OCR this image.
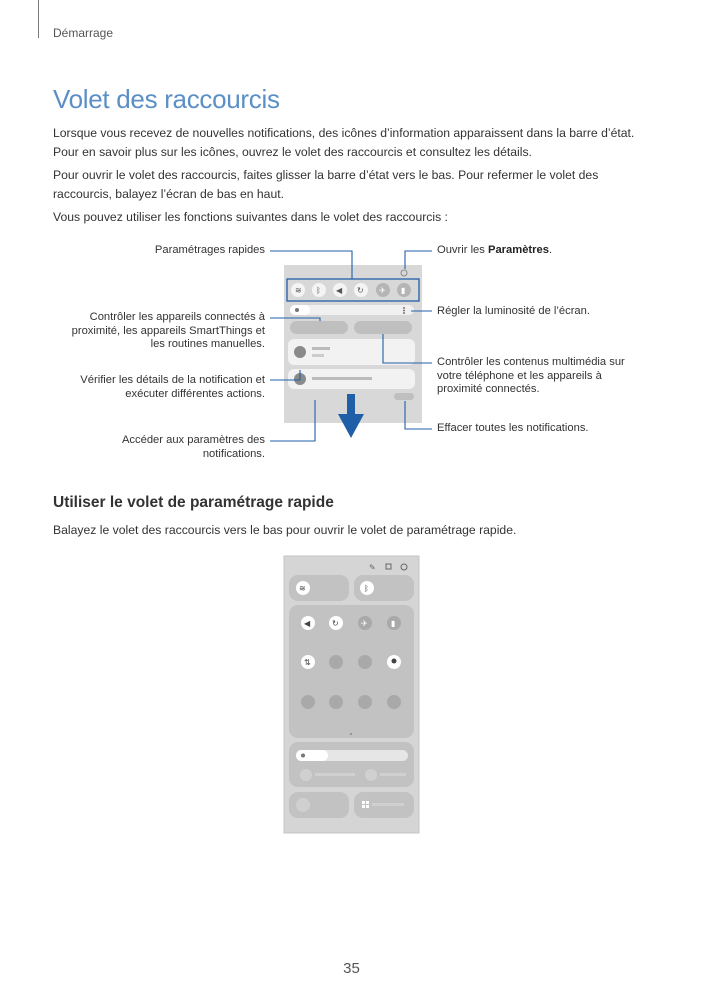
Démarrage
Volet des raccourcis

Lorsque vous recevez de nouvelles notifications, des icônes d’information apparaissent dans la barre d’état. Pour en savoir plus sur les icônes, ouvrez le volet des raccourcis et consultez les détails.

Pour ouvrir le volet des raccourcis, faites glisser la barre d’état vers le bas. Pour refermer le volet des raccourcis, balayez l’écran de bas en haut.

Vous pouvez utiliser les fonctions suivantes dans le volet des raccourcis :

≋ ᛒ ◀ ↻ ✈ ▮
Paramétrages rapides	Ouvrir les Paramètres.
Contrôler les appareils connectés à proximité, les appareils SmartThings et les routines manuelles.
Régler la luminosité de l’écran.
Contrôler les contenus multimédia sur votre téléphone et les appareils à proximité connectés.
Vérifier les détails de la notification et exécuter différentes actions.
Effacer toutes les notifications.
Accéder aux paramètres des notifications.
Utiliser le volet de paramétrage rapide

Balayez le volet des raccourcis vers le bas pour ouvrir le volet de paramétrage rapide.

✎
≋	ᛒ
◀	↻	✈	▮
⇅
35
